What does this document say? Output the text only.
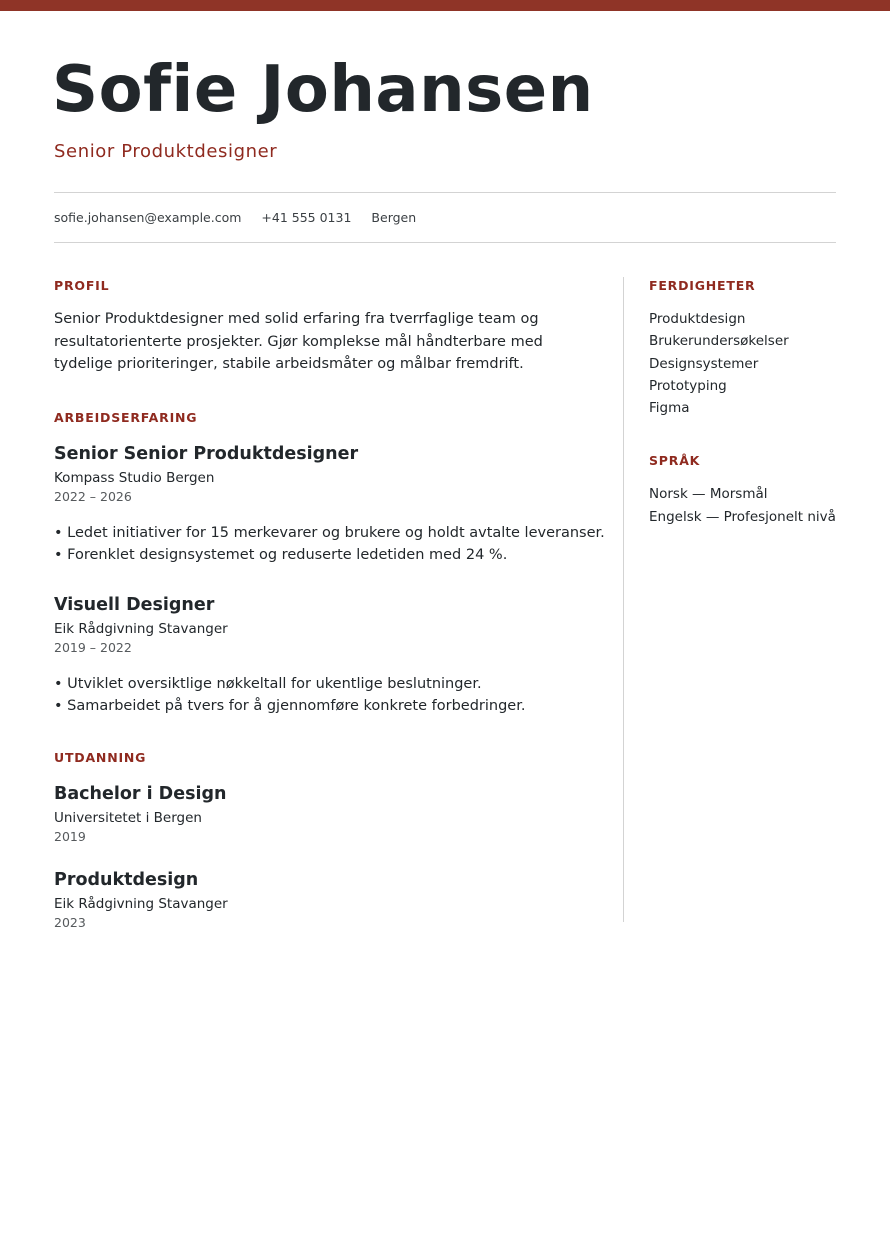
Sofie Johansen
Senior Produktdesigner
sofie.johansen@example.com +41 555 0131 Bergen
PROFIL

Senior Produktdesigner med solid erfaring fra tverrfaglige team og resultatorienterte prosjekter. Gjør komplekse mål håndterbare med tydelige prioriteringer, stabile arbeidsmåter og målbar fremdrift.

ARBEIDSERFARING
Senior Senior Produktdesigner
Kompass Studio Bergen
2022 – 2026
• Ledet initiativer for 15 merkevarer og brukere og holdt avtalte leveranser.
• Forenklet designsystemet og reduserte ledetiden med 24 %.
Visuell Designer
Eik Rådgivning Stavanger
2019 – 2022
• Utviklet oversiktlige nøkkeltall for ukentlige beslutninger.
• Samarbeidet på tvers for å gjennomføre konkrete forbedringer.
UTDANNING
Bachelor i Design
Universitetet i Bergen
2019
Produktdesign
Eik Rådgivning Stavanger
2023
FERDIGHETER
Produktdesign
Brukerundersøkelser
Designsystemer
Prototyping
Figma
SPRÅK
Norsk — Morsmål
Engelsk — Profesjonelt nivå
